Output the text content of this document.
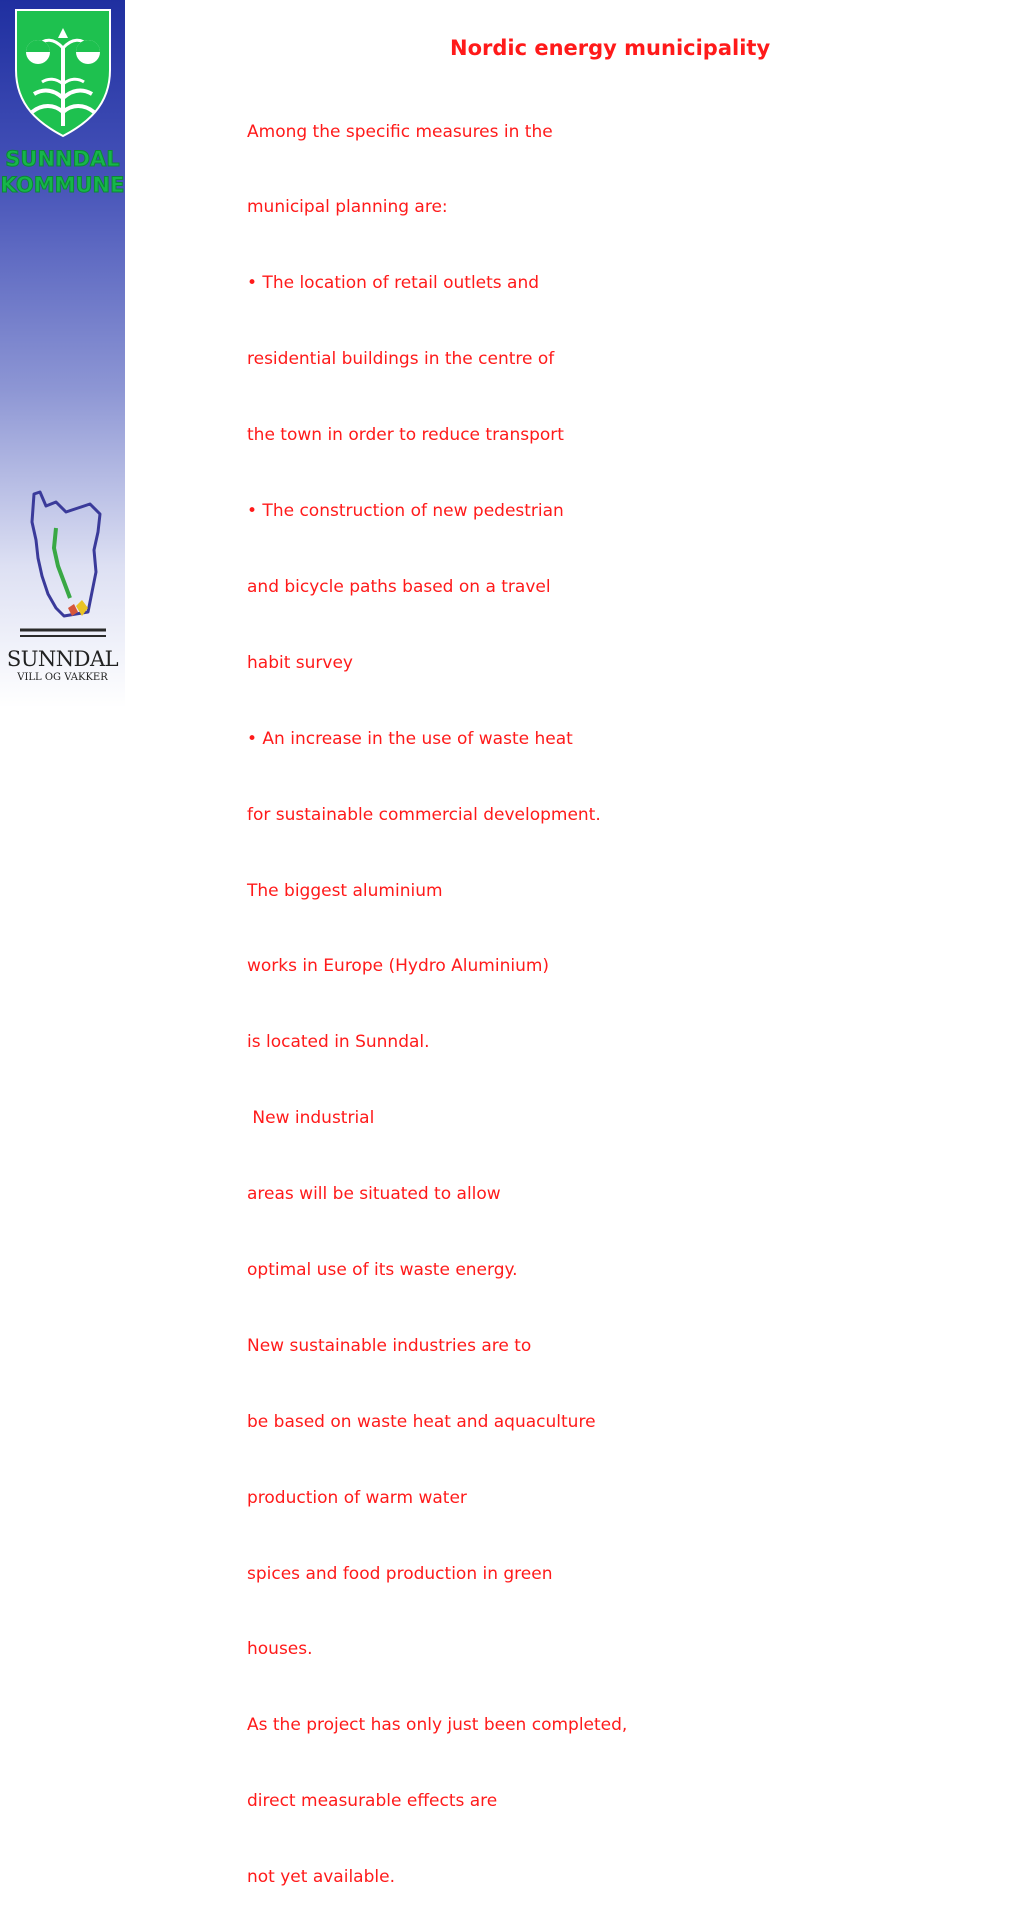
SUNNDAL
KOMMUNE
SUNNDAL
VILL OG VAKKER
Nordic energy municipality

Among the specific measures in the

municipal planning are:

• The location of retail outlets and

residential buildings in the centre of

the town in order to reduce transport

• The construction of new pedestrian

and bicycle paths based on a travel

habit survey

• An increase in the use of waste heat

for sustainable commercial development.

The biggest aluminium

works in Europe (Hydro Aluminium)

is located in Sunndal.

New industrial

areas will be situated to allow

optimal use of its waste energy.

New sustainable industries are to

be based on waste heat and aquaculture

production of warm water

spices and food production in green

houses.

As the project has only just been completed,

direct measurable effects are

not yet available.
